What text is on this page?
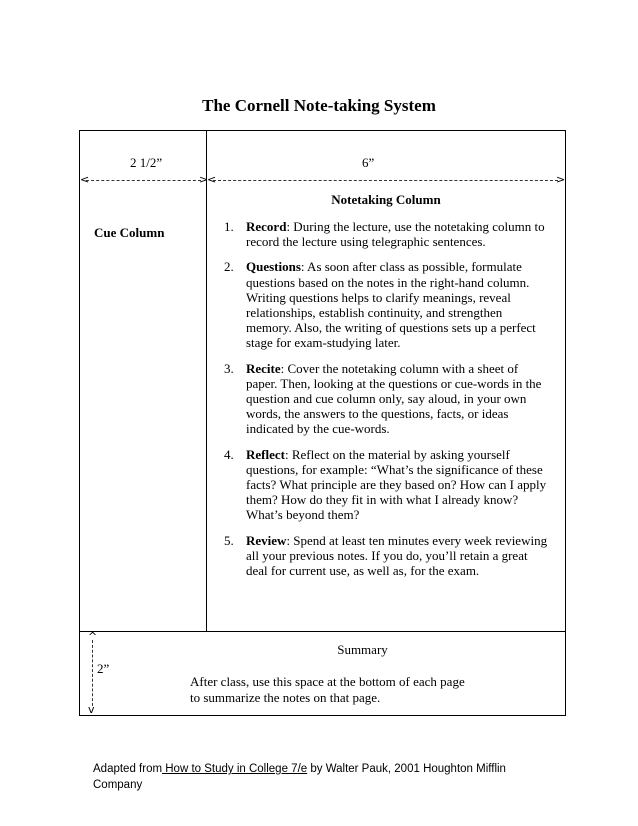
The Cornell Note-taking System
2 1/2”	6”
<	>
<	>
Notetaking Column
Cue Column	1. Record: During the lecture, use the notetaking column to record the lecture using telegraphic sentences.
2. Questions: As soon after class as possible, formulate questions based on the notes in the right-hand column. Writing questions helps to clarify meanings, reveal relationships, establish continuity, and strengthen memory. Also, the writing of questions sets up a perfect stage for exam-studying later.
3. Recite: Cover the notetaking column with a sheet of paper. Then, looking at the questions or cue-words in the question and cue column only, say aloud, in your own words, the answers to the questions, facts, or ideas indicated by the cue-words.
4. Reflect: Reflect on the material by asking yourself questions, for example: “What’s the significance of these facts? What principle are they based on? How can I apply them? How do they fit in with what I already know? What’s beyond them?
5. Review: Spend at least ten minutes every week reviewing all your previous notes. If you do, you’ll retain a great deal for current use, as well as, for the exam.
^
v
2”
Summary
After class, use this space at the bottom of each page
to summarize the notes on that page.
Adapted from How to Study in College 7/e by Walter Pauk, 2001 Houghton Mifflin Company
